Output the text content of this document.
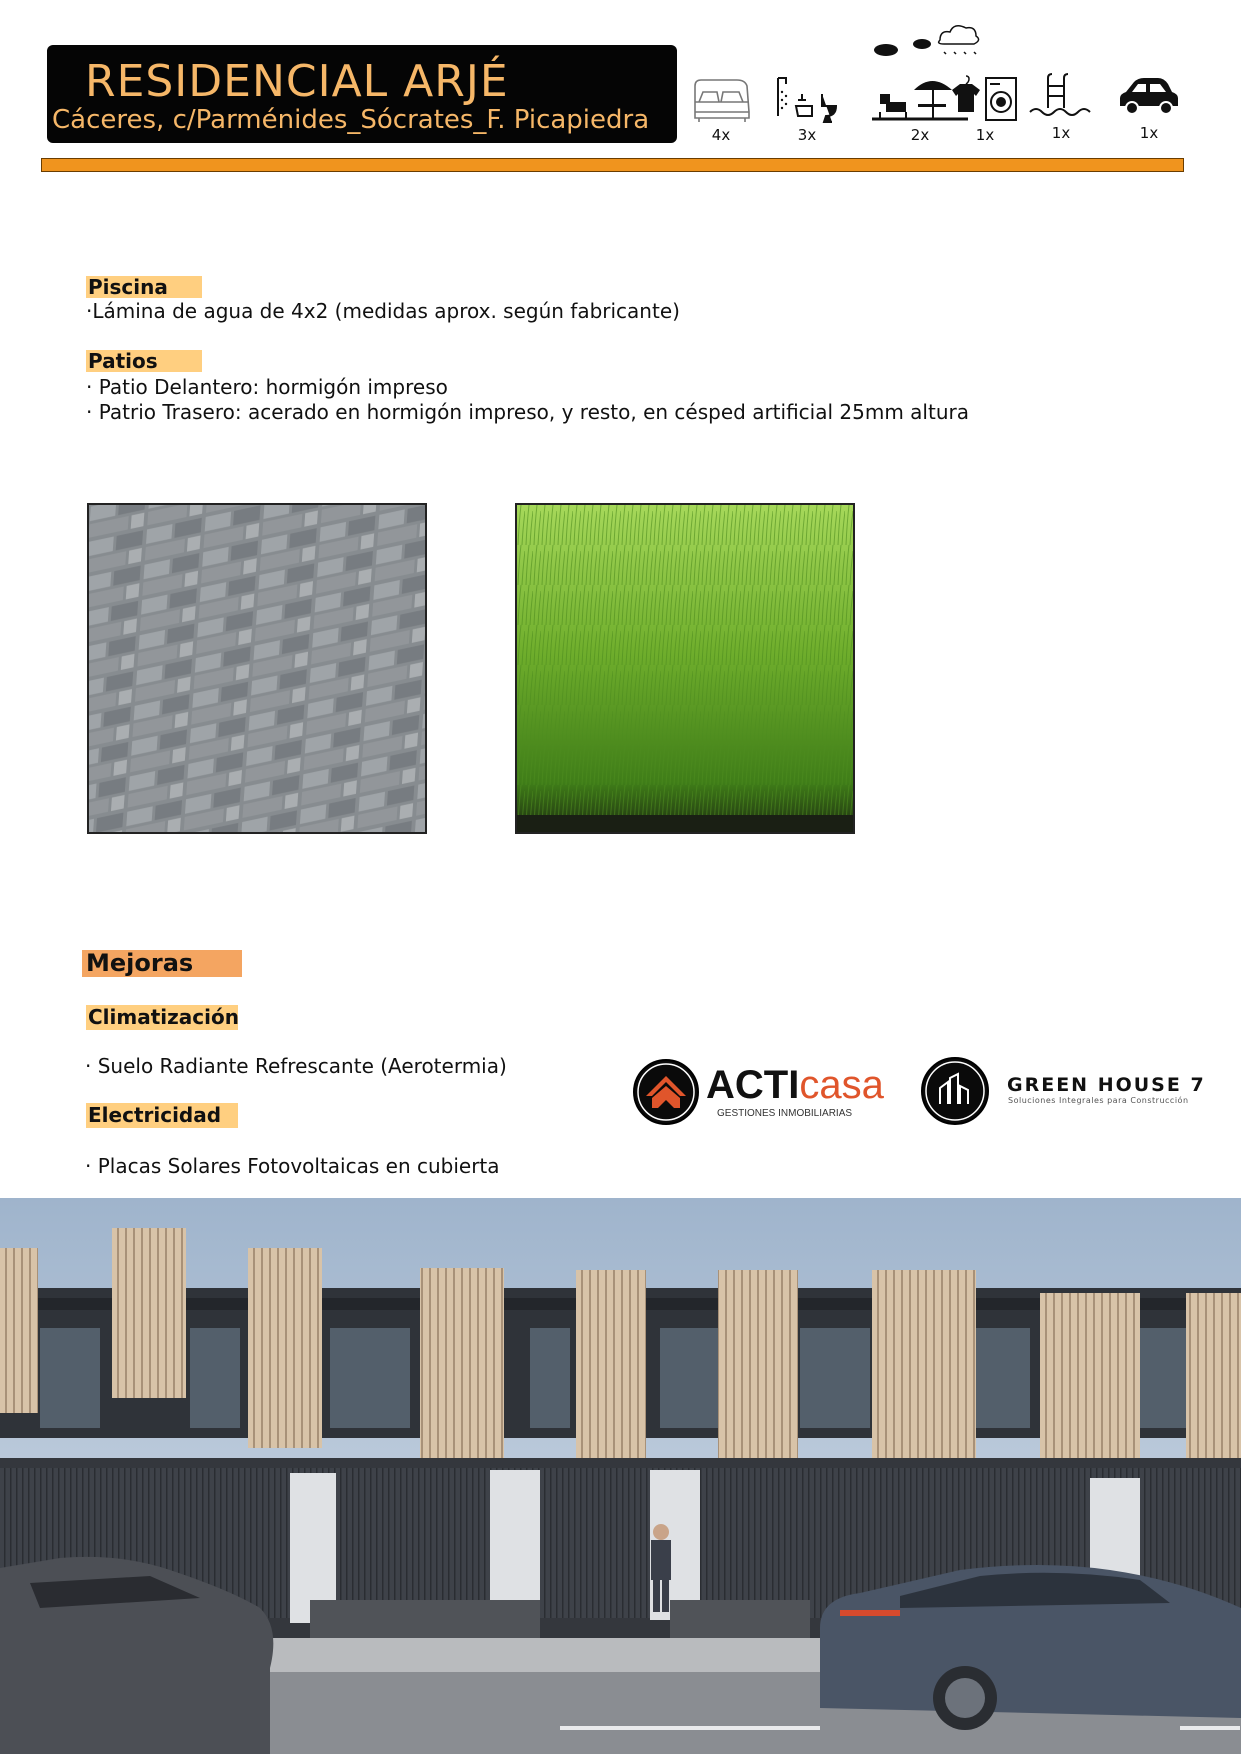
RESIDENCIAL ARJÉ
Cáceres, c/Parménides_Sócrates_F. Picapiedra	4x	3x	2x	1x	1x	1x
Piscina
·Lámina de agua de 4x2 (medidas aprox. según fabricante)
Patios
· Patio Delantero: hormigón impreso
· Patrio Trasero: acerado en hormigón impreso, y resto, en césped artificial 25mm altura
Mejoras
Climatización
· Suelo Radiante Refrescante (Aerotermia)
Electricidad
· Placas Solares Fotovoltaicas en cubierta
ACTIcasa
GESTIONES INMOBILIARIAS
GREEN HOUSE 7
Soluciones Integrales para Construcción
